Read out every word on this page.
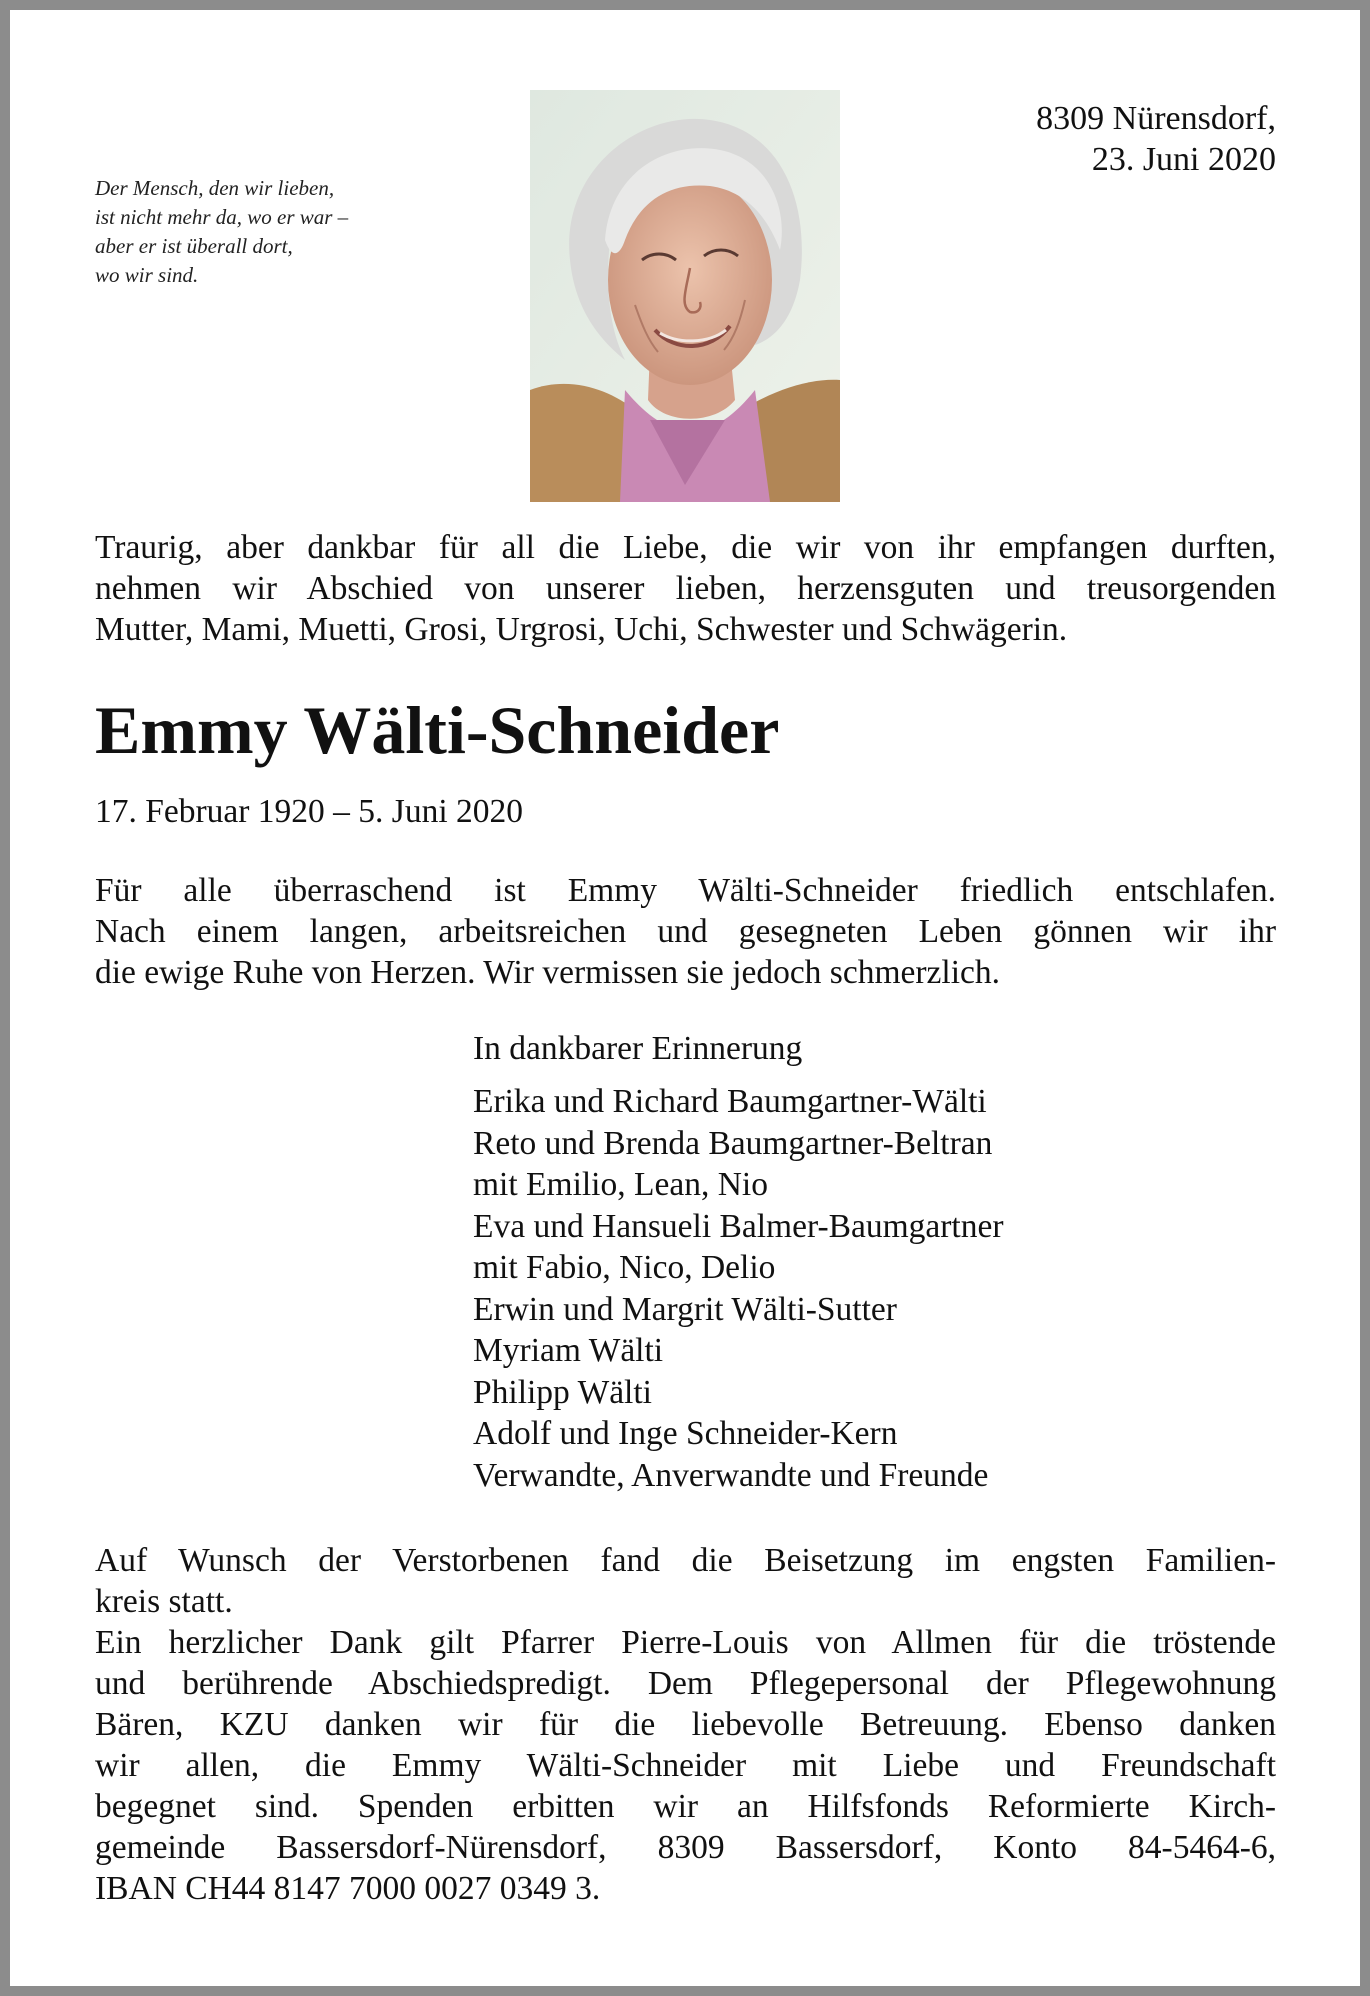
Der Mensch, den wir lieben,
ist nicht mehr da, wo er war –
aber er ist überall dort,
wo wir sind.
8309 Nürensdorf,
23. Juni 2020
Traurig, aber dankbar für all die Liebe, die wir von ihr empfangen durften,
nehmen wir Abschied von unserer lieben, herzensguten und treusorgenden
Mutter, Mami, Muetti, Grosi, Urgrosi, Uchi, Schwester und Schwägerin.
Emmy Wälti-Schneider
17. Februar 1920 – 5. Juni 2020
Für alle überraschend ist Emmy Wälti-Schneider friedlich entschlafen.
Nach einem langen, arbeitsreichen und gesegneten Leben gönnen wir ihr
die ewige Ruhe von Herzen. Wir vermissen sie jedoch schmerzlich.
In dankbarer Erinnerung
Erika und Richard Baumgartner-Wälti
Reto und Brenda Baumgartner-Beltran
mit Emilio, Lean, Nio
Eva und Hansueli Balmer-Baumgartner
mit Fabio, Nico, Delio
Erwin und Margrit Wälti-Sutter
Myriam Wälti
Philipp Wälti
Adolf und Inge Schneider-Kern
Verwandte, Anverwandte und Freunde
Auf Wunsch der Verstorbenen fand die Beisetzung im engsten Familien-
kreis statt.
Ein herzlicher Dank gilt Pfarrer Pierre-Louis von Allmen für die tröstende
und berührende Abschiedspredigt. Dem Pflegepersonal der Pflegewohnung
Bären, KZU danken wir für die liebevolle Betreuung. Ebenso danken
wir allen, die Emmy Wälti-Schneider mit Liebe und Freundschaft
begegnet sind. Spenden erbitten wir an Hilfsfonds Reformierte Kirch-
gemeinde Bassersdorf-Nürensdorf, 8309 Bassersdorf, Konto 84-5464-6,
IBAN CH44 8147 7000 0027 0349 3.
